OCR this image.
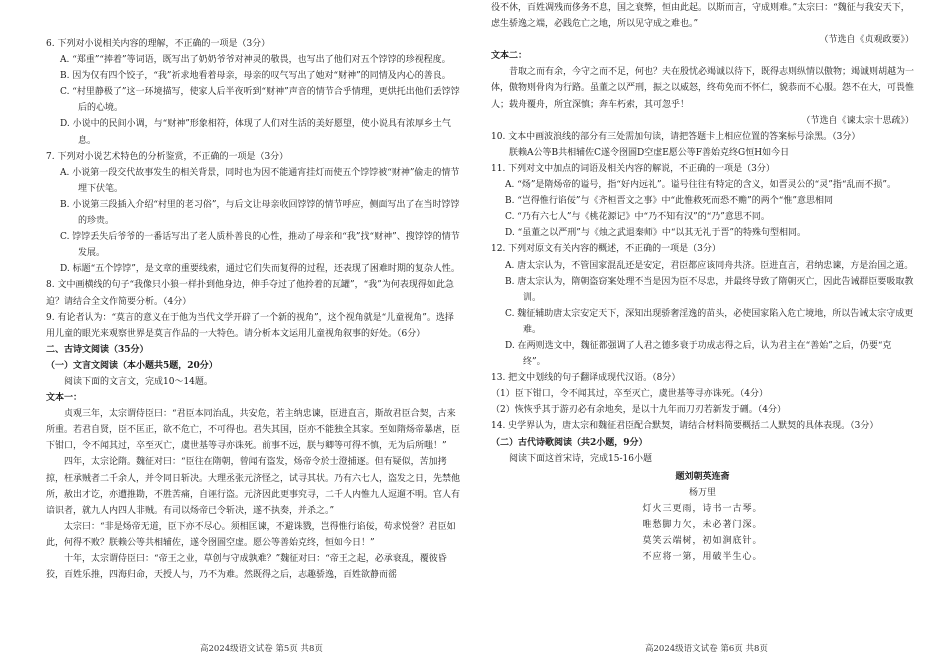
6. 下列对小说相关内容的理解，不正确的一项是（3分）

A. “郑重”“捧着”等词语，既写出了奶奶爷爷对神灵的敬畏，也写出了他们对五个饽饽的珍视程度。

B. 因为仅有四个饺子，“我”祈求地看着母亲，母亲的叹气写出了她对“财神”的同情及内心的善良。

C. “村里静极了”这一环境描写，使家人后半夜听到“财神”声音的情节合乎情理，更烘托出他们丢饽饽后的心境。

D. 小说中的民间小调，与“财神”形象相符，体现了人们对生活的美好愿望，使小说具有浓厚乡土气息。

7. 下列对小说艺术特色的分析鉴赏，不正确的一项是（3分）

A. 小说第一段交代故事发生的相关背景，同时也为因不能通宵挂灯而使五个饽饽被“财神”偷走的情节埋下伏笔。

B. 小说第三段插入介绍“村里的老习俗”，与后文让母亲收回饽饽的情节呼应，侧面写出了在当时饽饽的珍贵。

C. 饽饽丢失后爷爷的一番话写出了老人质朴善良的心性，推动了母亲和“我”找“财神”、搜饽饽的情节发展。

D. 标题“五个饽饽”，是文章的重要线索，通过它们失而复得的过程，还表现了困难时期的复杂人性。

8. 文中画横线的句子“我像只小狼一样扑到他身边，伸手夺过了他拎着的瓦罐”，“我”为何表现得如此急迫？请结合全文作简要分析。（4分）

9. 有论者认为：“莫言的意义在于他为当代文学开辟了一个新的视角”，这个视角就是“儿童视角”。选择用儿童的眼光来观察世界是莫言作品的一大特色。请分析本文运用儿童视角叙事的好处。（6分）

二、古诗文阅读（35分）

（一）文言文阅读（本小题共5题，20分）

阅读下面的文言文，完成10～14题。

文本一：

贞观三年，太宗谓侍臣曰：“君臣本同治乱，共安危，若主纳忠谏，臣进直言，斯故君臣合契，古来所重。若君自贤，臣不匡正，欲不危亡，不可得也。君失其国，臣亦不能独全其家。至如隋炀帝暴虐，臣下钳口，令不闻其过，卒至灭亡，虞世基等寻亦诛死。前事不远，朕与卿等可得不慎，无为后所嗤！”

四年，太宗论隋。魏征对曰：“臣往在隋朝，曾闻有盗发，炀帝令於士澄捕逐。但有疑似，苦加拷掠，枉承贼者二千余人，并令同日斩决。大理丞张元济怪之，试寻其状。乃有六七人，盗发之日，先禁他所，赦出才讫，亦遭推勘，不胜苦痛，自诬行盗。元济因此更事究寻，二千人内惟九人逗遛不明。官人有谙识者，就九人内四人非贼。有司以炀帝已令斩决，遂不执奏，并杀之。”

太宗曰：“非是炀帝无道，臣下亦不尽心。须相匡谏，不避诛戮，岂得惟行谄佞，苟求悦誉？君臣如此，何得不败？朕赖公等共相辅佐，遂令囹圄空虚。愿公等善始克终，恒如今日！”

十年，太宗谓侍臣曰：“帝王之业，草创与守成孰难？”魏征对曰：“帝王之起，必承衰乱，覆彼昏狡，百姓乐推，四海归命，天授人与，乃不为难。然既得之后，志趣骄逸，百姓欲静而徭

高2024级语文试卷 第5页 共8页

役不休，百姓凋残而侈务不息，国之衰弊，恒由此起。以斯而言，守成则难。”太宗曰：“魏征与我安天下，虑生骄逸之端，必践危亡之地，所以见守成之难也。”

（节选自《贞观政要》）

文本二：

昔取之而有余，今守之而不足，何也？夫在殷忧必竭诚以待下，既得志则纵情以傲物；竭诚则胡越为一体，傲物则骨肉为行路。虽董之以严刑，振之以威怒，终苟免而不怀仁，貌恭而不心服。怨不在大，可畏惟人；载舟覆舟，所宜深慎；奔车朽索，其可忽乎！

（节选自《谏太宗十思疏》）

10. 文本中画波浪线的部分有三处需加句读，请把答题卡上相应位置的答案标号涂黑。（3分）

朕赖A公等B共相辅佐C遂令囹圄D空虚E愿公等F善始克终G恒H如今日

11. 下列对文中加点的词语及相关内容的解说，不正确的一项是（3分）

A. “炀”是隋炀帝的谥号，指“好内远礼”。谥号往往有特定的含义，如晋灵公的“灵”指“乱而不损”。

B. “岂得惟行谄佞”与《齐桓晋文之事》中“此惟救死而恐不赡”的两个“惟”意思相同

C. “乃有六七人”与《桃花源记》中“乃不知有汉”的“乃”意思不同。

D. “虽董之以严刑”与《烛之武退秦师》中“以其无礼于晋”的特殊句型相同。

12. 下列对原文有关内容的概述，不正确的一项是（3分）

A. 唐太宗认为，不管国家混乱还是安定，君臣都应该同舟共济。臣进直言，君纳忠谏，方是治国之道。

B. 唐太宗认为，隋朝盗窃案处理不当是因为臣不尽忠，并最终导致了隋朝灭亡，因此告诫群臣要吸取教训。

C. 魏征辅助唐太宗安定天下，深知出现骄奢淫逸的苗头，必使国家陷入危亡境地，所以告诫太宗守成更难。

D. 在两则选文中，魏征都强调了人君之德多衰于功成志得之后，认为君主在“善始”之后，仍要“克终”。

13. 把文中划线的句子翻译成现代汉语。（8分）

（1）臣下钳口，令不闻其过，卒至灭亡，虞世基等寻亦诛死。（4分）

（2）恢恢乎其于游刃必有余地矣，是以十九年而刀刃若新发于硎。（4分）

14. 史学界认为，唐太宗和魏征君臣配合默契，请结合材料简要概括二人默契的具体表现。（3分）

（二）古代诗歌阅读（共2小题，9分）

阅读下面这首宋诗，完成15-16小题

题刘朝英连斋

杨万里

灯火三更雨，诗书一古琴。

唯愁脚力欠，未必著门深。

莫笑云端树，初如涧底针。

不应将一第，用破半生心。

高2024级语文试卷 第6页 共8页
